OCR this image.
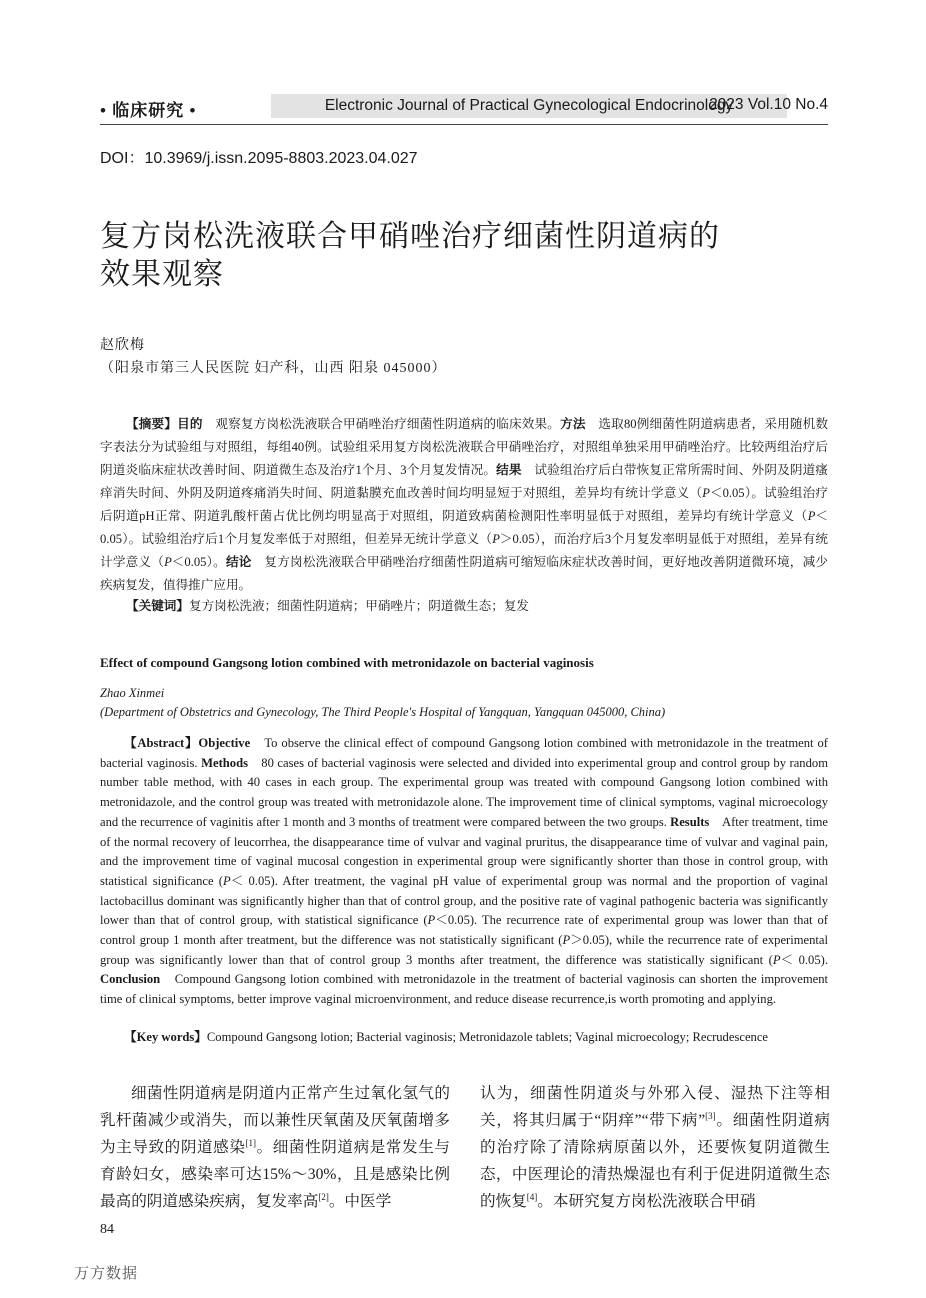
• 临床研究 •	Electronic Journal of Practical Gynecological Endocrinology
2023 Vol.10 No.4
DOI：10.3969/j.issn.2095-8803.2023.04.027
复方岗松洗液联合甲硝唑治疗细菌性阴道病的
效果观察
赵欣梅
（阳泉市第三人民医院 妇产科，山西 阳泉 045000）

【摘要】目的　观察复方岗松洗液联合甲硝唑治疗细菌性阴道病的临床效果。方法　选取80例细菌性阴道病患者，采用随机数字表法分为试验组与对照组，每组40例。试验组采用复方岗松洗液联合甲硝唑治疗，对照组单独采用甲硝唑治疗。比较两组治疗后阴道炎临床症状改善时间、阴道微生态及治疗1个月、3个月复发情况。结果　试验组治疗后白带恢复正常所需时间、外阴及阴道瘙痒消失时间、外阴及阴道疼痛消失时间、阴道黏膜充血改善时间均明显短于对照组，差异均有统计学意义（P＜0.05）。试验组治疗后阴道pH正常、阴道乳酸杆菌占优比例均明显高于对照组，阴道致病菌检测阳性率明显低于对照组，差异均有统计学意义（P＜0.05）。试验组治疗后1个月复发率低于对照组，但差异无统计学意义（P＞0.05），而治疗后3个月复发率明显低于对照组，差异有统计学意义（P＜0.05）。结论　复方岗松洗液联合甲硝唑治疗细菌性阴道病可缩短临床症状改善时间，更好地改善阴道微环境，减少疾病复发，值得推广应用。

【关键词】复方岗松洗液；细菌性阴道病；甲硝唑片；阴道微生态；复发
Effect of compound Gangsong lotion combined with metronidazole on bacterial vaginosis
Zhao Xinmei
(Department of Obstetrics and Gynecology, The Third People's Hospital of Yangquan, Yangquan 045000, China)

【Abstract】Objective　To observe the clinical effect of compound Gangsong lotion combined with metronidazole in the treatment of bacterial vaginosis. Methods　80 cases of bacterial vaginosis were selected and divided into experimental group and control group by random number table method, with 40 cases in each group. The experimental group was treated with compound Gangsong lotion combined with metronidazole, and the control group was treated with metronidazole alone. The improvement time of clinical symptoms, vaginal microecology and the recurrence of vaginitis after 1 month and 3 months of treatment were compared between the two groups. Results　After treatment, time of the normal recovery of leucorrhea, the disappearance time of vulvar and vaginal pruritus, the disappearance time of vulvar and vaginal pain, and the improvement time of vaginal mucosal congestion in experimental group were significantly shorter than those in control group, with statistical significance (P＜ 0.05). After treatment, the vaginal pH value of experimental group was normal and the proportion of vaginal lactobacillus dominant was significantly higher than that of control group, and the positive rate of vaginal pathogenic bacteria was significantly lower than that of control group, with statistical significance (P＜0.05). The recurrence rate of experimental group was lower than that of control group 1 month after treatment, but the difference was not statistically significant (P＞0.05), while the recurrence rate of experimental group was significantly lower than that of control group 3 months after treatment, the difference was statistically significant (P＜ 0.05). Conclusion　Compound Gangsong lotion combined with metronidazole in the treatment of bacterial vaginosis can shorten the improvement time of clinical symptoms, better improve vaginal microenvironment, and reduce disease recurrence,is worth promoting and applying.

【Key words】Compound Gangsong lotion; Bacterial vaginosis; Metronidazole tablets; Vaginal microecology; Recrudescence

细菌性阴道病是阴道内正常产生过氧化氢气的乳杆菌减少或消失，而以兼性厌氧菌及厌氧菌增多为主导致的阴道感染[1]。细菌性阴道病是常发生与育龄妇女，感染率可达15%～30%，且是感染比例最高的阴道感染疾病，复发率高[2]。中医学

认为，细菌性阴道炎与外邪入侵、湿热下注等相关，将其归属于“阴痒”“带下病”[3]。细菌性阴道病的治疗除了清除病原菌以外，还要恢复阴道微生态，中医理论的清热燥湿也有利于促进阴道微生态的恢复[4]。本研究复方岗松洗液联合甲硝

84
万方数据
